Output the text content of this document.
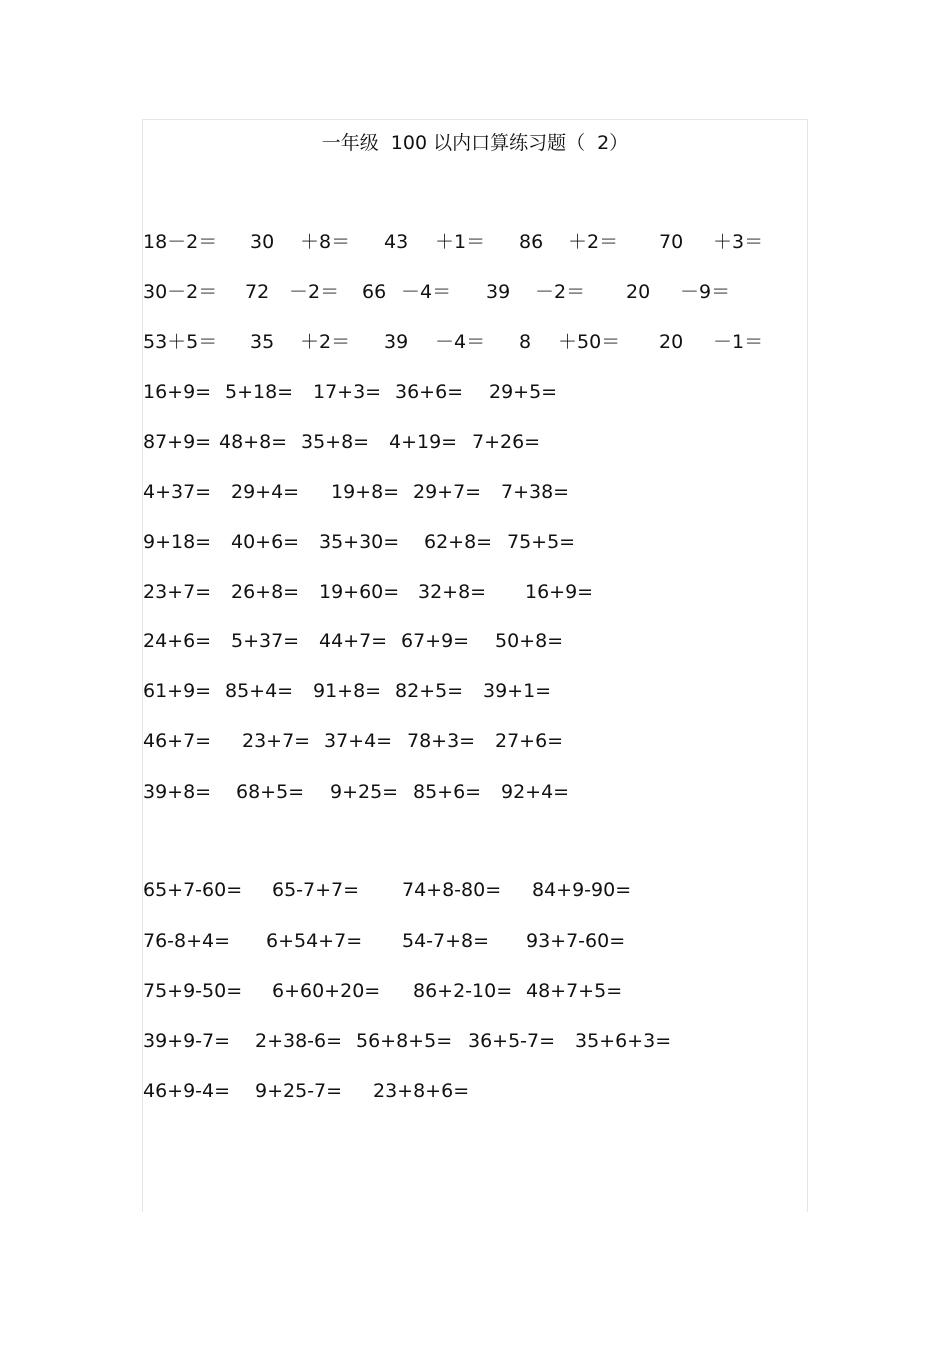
一年级  100 以内口算练习题（  2）
18－2＝ 30 ＋8＝ 43 ＋1＝ 86 ＋2＝ 70 ＋3＝
30－2＝ 72 －2＝ 66 －4＝ 39 －2＝ 20 －9＝
53＋5＝ 35 ＋2＝ 39 －4＝ 8 ＋50＝ 20 －1＝
16+9= 5+18= 17+3= 36+6= 29+5=
87+9= 48+8= 35+8= 4+19= 7+26=
4+37= 29+4= 19+8= 29+7= 7+38=
9+18= 40+6= 35+30= 62+8= 75+5=
23+7= 26+8= 19+60= 32+8= 16+9=
24+6= 5+37= 44+7= 67+9= 50+8=
61+9= 85+4= 91+8= 82+5= 39+1=
46+7= 23+7= 37+4= 78+3= 27+6=
39+8= 68+5= 9+25= 85+6= 92+4=
65+7-60= 65-7+7= 74+8-80= 84+9-90=
76-8+4= 6+54+7= 54-7+8= 93+7-60=
75+9-50= 6+60+20= 86+2-10= 48+7+5=
39+9-7= 2+38-6= 56+8+5= 36+5-7= 35+6+3=
46+9-4= 9+25-7= 23+8+6=
